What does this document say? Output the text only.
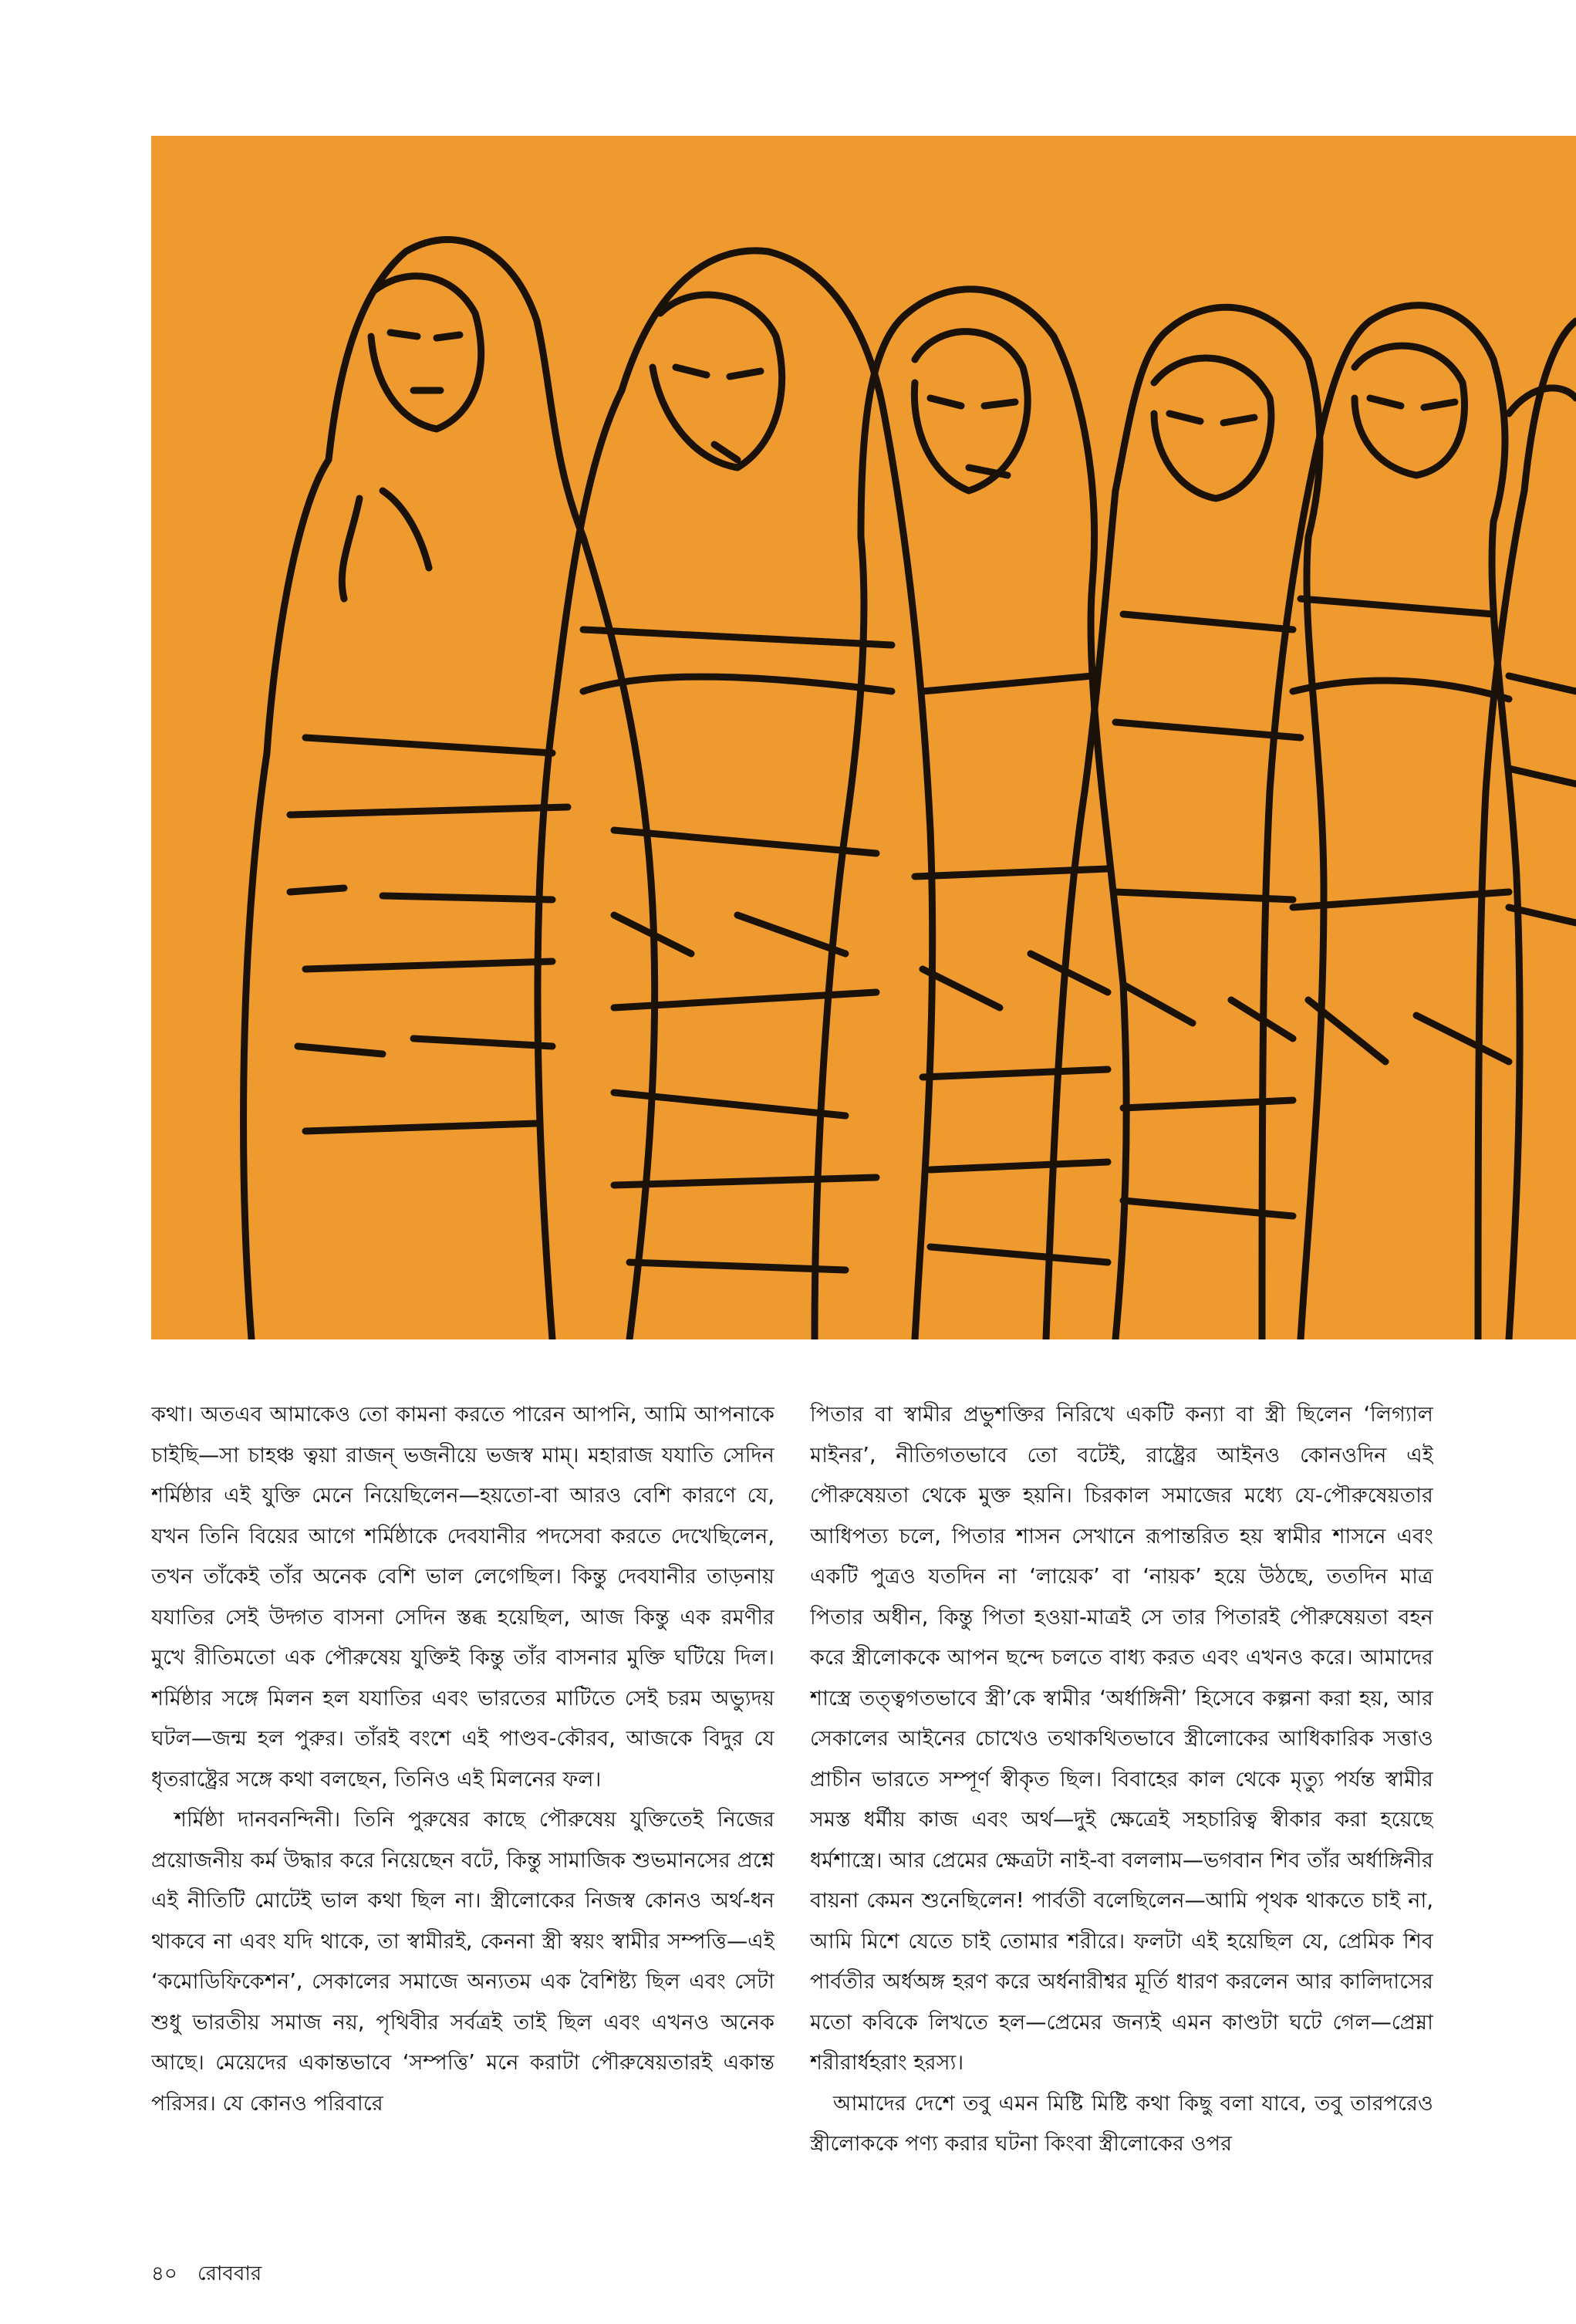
কথা। অতএব আমাকেও তো কামনা করতে পারেন আপনি, আমি আপনাকে চাইছি—সা চাহঞ্চ ত্বয়া রাজন্‌ ভজনীয়ে ভজস্ব মাম্‌। মহারাজ যযাতি সেদিন শর্মিষ্ঠার এই যুক্তি মেনে নিয়েছিলেন—হয়তো-বা আরও বেশি কারণে যে, যখন তিনি বিয়ের আগে শর্মিষ্ঠাকে দেবযানীর পদসেবা করতে দেখেছিলেন, তখন তাঁকেই তাঁর অনেক বেশি ভাল লেগেছিল। কিন্তু দেবযানীর তাড়নায় যযাতির সেই উদ্গত বাসনা সেদিন স্তব্ধ হয়েছিল, আজ কিন্তু এক রমণীর মুখে রীতিমতো এক পৌরুষেয় যুক্তিই কিন্তু তাঁর বাসনার মুক্তি ঘটিয়ে দিল। শর্মিষ্ঠার সঙ্গে মিলন হল যযাতির এবং ভারতের মাটিতে সেই চরম অভ্যুদয় ঘটল—জন্ম হল পুরুর। তাঁরই বংশে এই পাণ্ডব-কৌরব, আজকে বিদুর যে ধৃতরাষ্ট্রের সঙ্গে কথা বলছেন, তিনিও এই মিলনের ফল।

শর্মিষ্ঠা দানবনন্দিনী। তিনি পুরুষের কাছে পৌরুষেয় যুক্তিতেই নিজের প্রয়োজনীয় কর্ম উদ্ধার করে নিয়েছেন বটে, কিন্তু সামাজিক শুভমানসের প্রশ্নে এই নীতিটি মোটেই ভাল কথা ছিল না। স্ত্রীলোকের নিজস্ব কোনও অর্থ-ধন থাকবে না এবং যদি থাকে, তা স্বামীরই, কেননা স্ত্রী স্বয়ং স্বামীর সম্পত্তি—এই ‘কমোডিফিকেশন’, সেকালের সমাজে অন্যতম এক বৈশিষ্ট্য ছিল এবং সেটা শুধু ভারতীয় সমাজ নয়, পৃথিবীর সর্বত্রই তাই ছিল এবং এখনও অনেক আছে। মেয়েদের একান্তভাবে ‘সম্পত্তি’ মনে করাটা পৌরুষেয়তারই একান্ত পরিসর। যে কোনও পরিবারে

পিতার বা স্বামীর প্রভুশক্তির নিরিখে একটি কন্যা বা স্ত্রী ছিলেন ‘লিগ্যাল মাইনর’, নীতিগতভাবে তো বটেই, রাষ্ট্রের আইনও কোনওদিন এই পৌরুষেয়তা থেকে মুক্ত হয়নি। চিরকাল সমাজের মধ্যে যে-পৌরুষেয়তার আধিপত্য চলে, পিতার শাসন সেখানে রূপান্তরিত হয় স্বামীর শাসনে এবং একটি পুত্রও যতদিন না ‘লায়েক’ বা ‘নায়ক’ হয়ে উঠছে, ততদিন মাত্র পিতার অধীন, কিন্তু পিতা হওয়া-মাত্রই সে তার পিতারই পৌরুষেয়তা বহন করে স্ত্রীলোককে আপন ছন্দে চলতে বাধ্য করত এবং এখনও করে। আমাদের শাস্ত্রে তত্ত্বগতভাবে স্ত্রী’কে স্বামীর ‘অর্ধাঙ্গিনী’ হিসেবে কল্পনা করা হয়, আর সেকালের আইনের চোখেও তথাকথিতভাবে স্ত্রীলোকের আধিকারিক সত্তাও প্রাচীন ভারতে সম্পূর্ণ স্বীকৃত ছিল। বিবাহের কাল থেকে মৃত্যু পর্যন্ত স্বামীর সমস্ত ধর্মীয় কাজ এবং অর্থ—দুই ক্ষেত্রেই সহচারিত্ব স্বীকার করা হয়েছে ধর্মশাস্ত্রে। আর প্রেমের ক্ষেত্রটা নাই-বা বললাম—ভগবান শিব তাঁর অর্ধাঙ্গিনীর বায়না কেমন শুনেছিলেন! পার্বতী বলেছিলেন—আমি পৃথক থাকতে চাই না, আমি মিশে যেতে চাই তোমার শরীরে। ফলটা এই হয়েছিল যে, প্রেমিক শিব পার্বতীর অর্ধঅঙ্গ হরণ করে অর্ধনারীশ্বর মূর্তি ধারণ করলেন আর কালিদাসের মতো কবিকে লিখতে হল—প্রেমের জন্যই এমন কাণ্ডটা ঘটে গেল—প্রেম্না শরীরার্ধহরাং হরস্য।

আমাদের দেশে তবু এমন মিষ্টি মিষ্টি কথা কিছু বলা যাবে, তবু তারপরেও স্ত্রীলোককে পণ্য করার ঘটনা কিংবা স্ত্রীলোকের ওপর

৪০ রোববার
